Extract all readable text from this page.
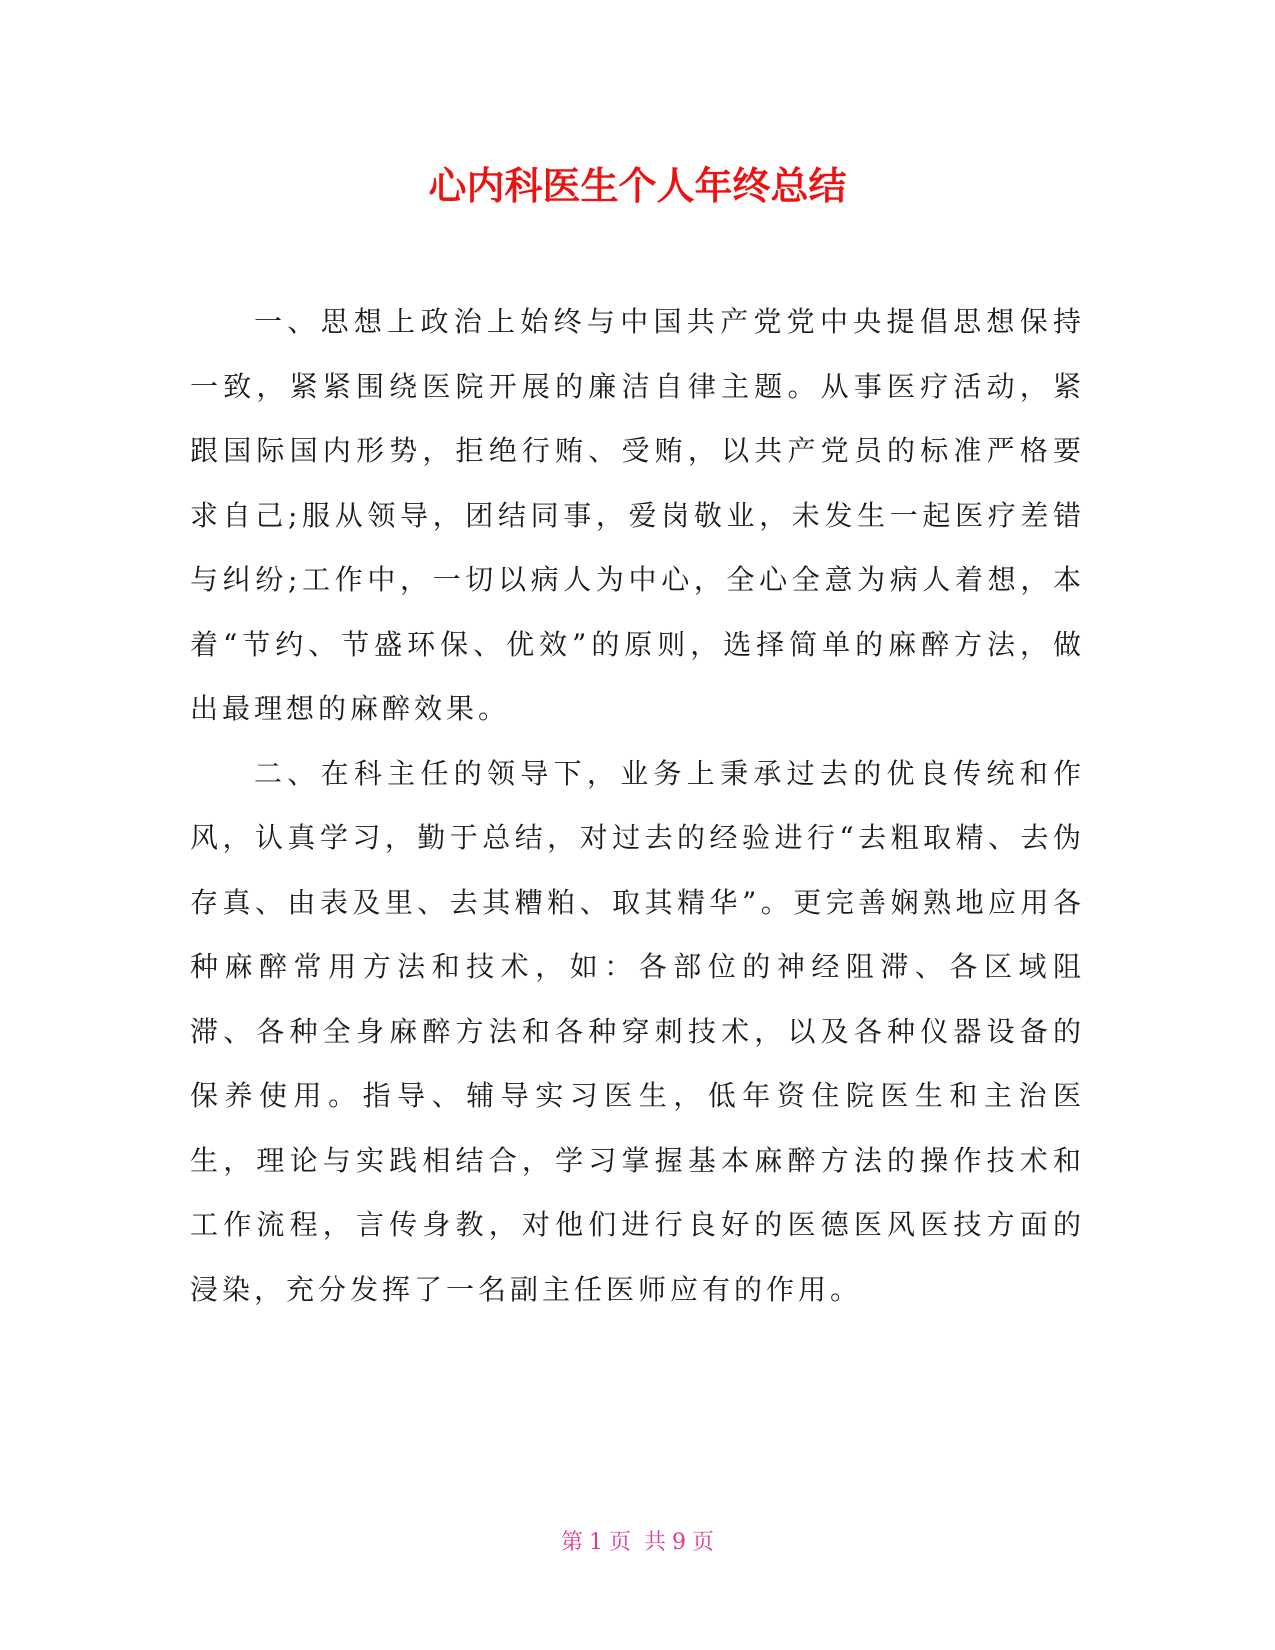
心内科医生个人年终总结

一、思想上政治上始终与中国共产党党中央提倡思想保持一致，紧紧围绕医院开展的廉洁自律主题。从事医疗活动，紧跟国际国内形势，拒绝行贿、受贿，以共产党员的标准严格要求自己;服从领导，团结同事，爱岗敬业，未发生一起医疗差错与纠纷;工作中，一切以病人为中心，全心全意为病人着想，本着“节约、节盛环保、优效”的原则，选择简单的麻醉方法，做出最理想的麻醉效果。

二、在科主任的领导下，业务上秉承过去的优良传统和作风，认真学习，勤于总结，对过去的经验进行“去粗取精、去伪存真、由表及里、去其糟粕、取其精华”。更完善娴熟地应用各种麻醉常用方法和技术，如：各部位的神经阻滞、各区域阻滞、各种全身麻醉方法和各种穿刺技术，以及各种仪器设备的保养使用。指导、辅导实习医生，低年资住院医生和主治医生，理论与实践相结合，学习掌握基本麻醉方法的操作技术和工作流程，言传身教，对他们进行良好的医德医风医技方面的浸染，充分发挥了一名副主任医师应有的作用。

第 1 页 共 9 页
